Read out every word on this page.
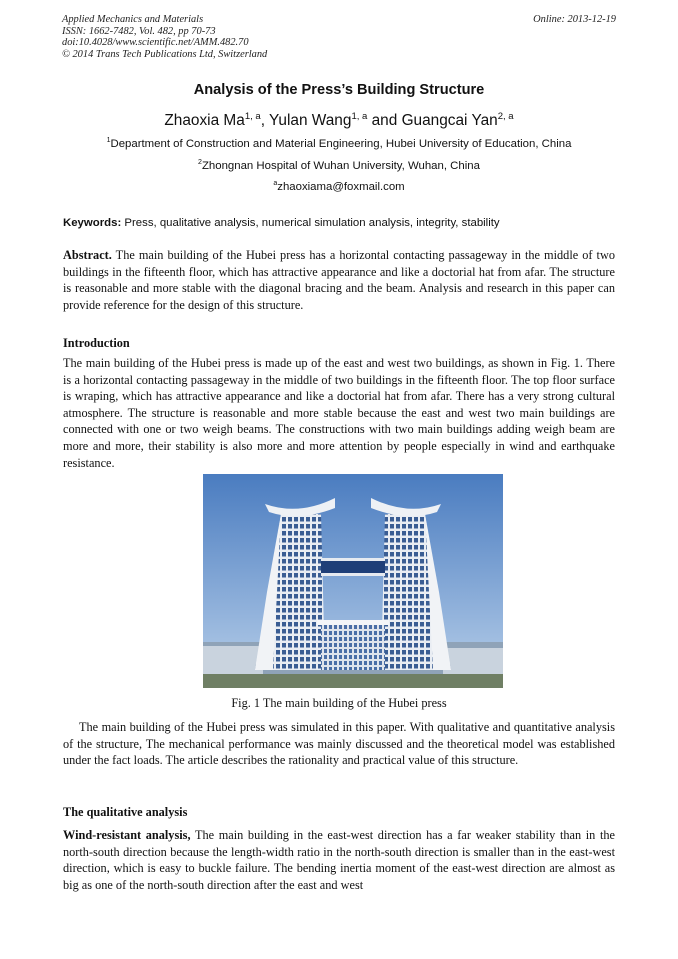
Applied Mechanics and Materials
ISSN: 1662-7482, Vol. 482, pp 70-73
doi:10.4028/www.scientific.net/AMM.482.70
© 2014 Trans Tech Publications Ltd, Switzerland
Online: 2013-12-19
Analysis of the Press’s Building Structure
Zhaoxia Ma$^{1, a}$, Yulan Wang$^{1, a}$ and Guangcai Yan$^{2, a}$
$^1$Department of Construction and Material Engineering, Hubei University of Education, China
$^2$Zhongnan Hospital of Wuhan University, Wuhan, China
$^a$zhaoxiama@foxmail.com
Keywords: Press, qualitative analysis, numerical simulation analysis, integrity, stability
Abstract. The main building of the Hubei press has a horizontal contacting passageway in the middle of two buildings in the fifteenth floor, which has attractive appearance and like a doctorial hat from afar. The structure is reasonable and more stable with the diagonal bracing and the beam. Analysis and research in this paper can provide reference for the design of this structure.
Introduction
The main building of the Hubei press is made up of the east and west two buildings, as shown in Fig. 1. There is a horizontal contacting passageway in the middle of two buildings in the fifteenth floor. The top floor surface is wraping, which has attractive appearance and like a doctorial hat from afar. There has a very strong cultural atmosphere. The structure is reasonable and more stable because the east and west two main buildings are connected with one or two weigh beams. The constructions with two main buildings adding weigh beam are more and more, their stability is also more and more attention by people especially in wind and earthquake resistance.
Fig. 1 The main building of the Hubei press
The main building of the Hubei press was simulated in this paper. With qualitative and quantitative analysis of the structure, The mechanical performance was mainly discussed and the theoretical model was established under the fact loads. The article describes the rationality and practical value of this structure.
The qualitative analysis
Wind-resistant analysis, The main building in the east-west direction has a far weaker stability than in the north-south direction because the length-width ratio in the north-south direction is smaller than in the east-west direction, which is easy to buckle failure. The bending inertia moment of the east-west direction are almost as big as one of the north-south direction after the east and west
